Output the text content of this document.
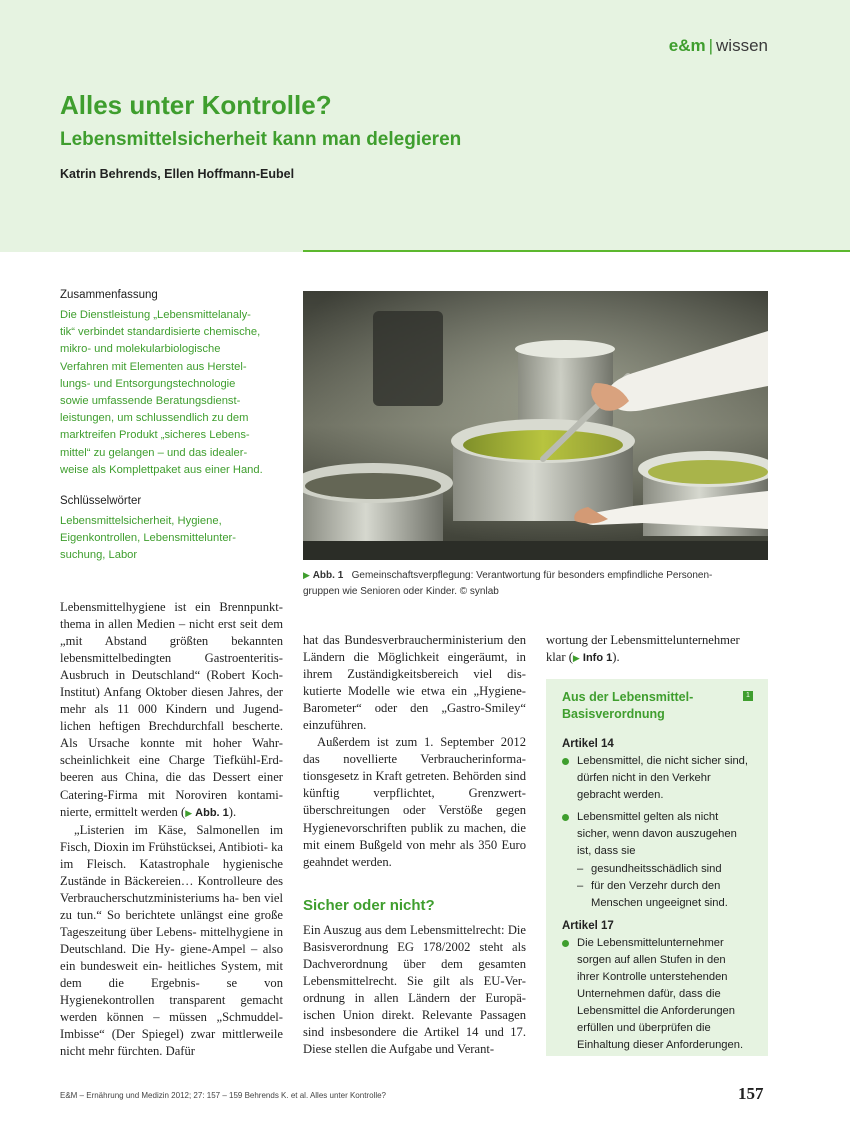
e&m | wissen
Alles unter Kontrolle?
Lebensmittelsicherheit kann man delegieren
Katrin Behrends, Ellen Hoffmann-Eubel
Zusammenfassung
Die Dienstleistung „Lebensmittelanaly-
tik“ verbindet standardisierte chemische,
mikro- und molekularbiologische
Verfahren mit Elementen aus Herstel-
lungs- und Entsorgungstechnologie
sowie umfassende Beratungsdienst-
leistungen, um schlussendlich zu dem
marktreifen Produkt „sicheres Lebens-
mittel“ zu gelangen – und das idealer-
weise als Komplettpaket aus einer Hand.
Schlüsselwörter
Lebensmittelsicherheit, Hygiene,
Eigenkontrollen, Lebensmittelunter-
suchung, Labor
▶ Abb. 1 Gemeinschaftsverpflegung: Verantwortung für besonders empfindliche Personen-
gruppen wie Senioren oder Kinder. © synlab

Lebensmittelhygiene ist ein Brennpunkt- thema in allen Medien – nicht erst seit dem „mit Abstand größten bekannten lebensmittelbedingten Gastroenteritis- Ausbruch in Deutschland“ (Robert Koch- Institut) Anfang Oktober diesen Jahres, der mehr als 11 000 Kindern und Jugend- lichen heftigen Brechdurchfall bescherte. Als Ursache konnte mit hoher Wahr- scheinlichkeit eine Charge Tiefkühl-Erd- beeren aus China, die das Dessert einer Catering-Firma mit Noroviren kontami- nierte, ermittelt werden (▶ Abb. 1).

„Listerien im Käse, Salmonellen im Fisch, Dioxin im Frühstücksei, Antibioti- ka im Fleisch. Katastrophale hygienische Zustände in Bäckereien… Kontrolleure des Verbraucherschutzministeriums ha- ben viel zu tun.“ So berichtete unlängst eine große Tageszeitung über Lebens- mittelhygiene in Deutschland. Die Hy- giene-Ampel – also ein bundesweit ein- heitliches System, mit dem die Ergebnis- se von Hygienekontrollen transparent gemacht werden können – müssen „Schmuddel-Imbisse“ (Der Spiegel) zwar mittlerweile nicht mehr fürchten. Dafür

hat das Bundesverbraucherministerium den Ländern die Möglichkeit eingeräumt, in ihrem Zuständigkeitsbereich viel dis- kutierte Modelle wie etwa ein „Hygiene- Barometer“ oder den „Gastro-Smiley“ einzuführen.

Außerdem ist zum 1. September 2012 das novellierte Verbraucherinforma- tionsgesetz in Kraft getreten. Behörden sind künftig verpflichtet, Grenzwert- überschreitungen oder Verstöße gegen Hygienevorschriften publik zu machen, die mit einem Bußgeld von mehr als 350 Euro geahndet werden.

Sicher oder nicht?

Ein Auszug aus dem Lebensmittelrecht: Die Basisverordnung EG 178/2002 steht als Dachverordnung über dem gesamten Lebensmittelrecht. Sie gilt als EU-Ver- ordnung in allen Ländern der Europä- ischen Union direkt. Relevante Passagen sind insbesondere die Artikel 14 und 17. Diese stellen die Aufgabe und Verant-

wortung der Lebensmittelunternehmer

klar (▶ Info 1).

1
Aus der Lebensmittel-Basisverordnung
Artikel 14
Lebensmittel, die nicht sicher sind,
dürfen nicht in den Verkehr
gebracht werden.
Lebensmittel gelten als nicht
sicher, wenn davon auszugehen
ist, dass sie
– gesundheitsschädlich sind
– für den Verzehr durch den
Menschen ungeeignet sind.
Artikel 17
Die Lebensmittelunternehmer
sorgen auf allen Stufen in den
ihrer Kontrolle unterstehenden
Unternehmen dafür, dass die
Lebensmittel die Anforderungen
erfüllen und überprüfen die
Einhaltung dieser Anforderungen.
E&M – Ernährung und Medizin 2012; 27: 157 – 159 Behrends K. et al. Alles unter Kontrolle?	157
